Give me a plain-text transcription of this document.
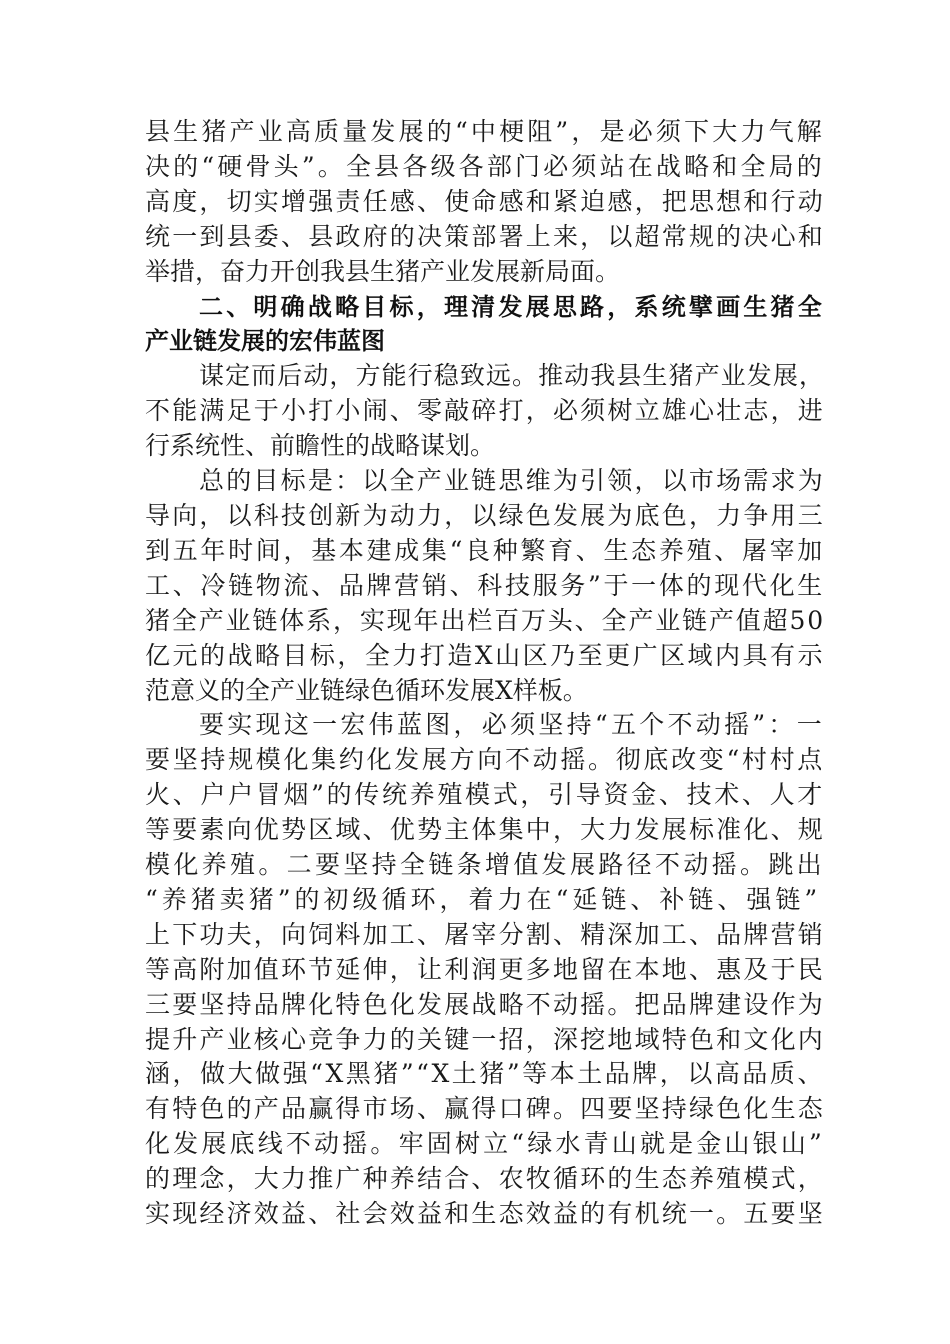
县生猪产业高质量发展的“中梗阻”，是必须下大力气解 决的“硬骨头”。全县各级各部门必须站在战略和全局的 高度，切实增强责任感、使命感和紧迫感，把思想和行动 统一到县委、县政府的决策部署上来，以超常规的决心和 举措，奋力开创我县生猪产业发展新局面。 二、明确战略目标，理清发展思路，系统擘画生猪全 产业链发展的宏伟蓝图 谋定而后动，方能行稳致远。推动我县生猪产业发展， 不能满足于小打小闹、零敲碎打，必须树立雄心壮志，进 行系统性、前瞻性的战略谋划。 总的目标是：以全产业链思维为引领，以市场需求为 导向，以科技创新为动力，以绿色发展为底色，力争用三 到五年时间，基本建成集“良种繁育、生态养殖、屠宰加 工、冷链物流、品牌营销、科技服务”于一体的现代化生 猪全产业链体系，实现年出栏百万头、全产业链产值超50 亿元的战略目标，全力打造X山区乃至更广区域内具有示 范意义的全产业链绿色循环发展X样板。 要实现这一宏伟蓝图，必须坚持“五个不动摇”：一 要坚持规模化集约化发展方向不动摇。彻底改变“村村点 火、户户冒烟”的传统养殖模式，引导资金、技术、人才 等要素向优势区域、优势主体集中，大力发展标准化、规 模化养殖。二要坚持全链条增值发展路径不动摇。跳出 “养猪卖猪”的初级循环，着力在“延链、补链、强链” 上下功夫，向饲料加工、屠宰分割、精深加工、品牌营销 等高附加值环节延伸，让利润更多地留在本地、惠及于民 三要坚持品牌化特色化发展战略不动摇。把品牌建设作为 提升产业核心竞争力的关键一招，深挖地域特色和文化内 涵，做大做强“X黑猪”“X土猪”等本土品牌，以高品质、 有特色的产品赢得市场、赢得口碑。四要坚持绿色化生态 化发展底线不动摇。牢固树立“绿水青山就是金山银山” 的理念，大力推广种养结合、农牧循环的生态养殖模式， 实现经济效益、社会效益和生态效益的有机统一。五要坚
